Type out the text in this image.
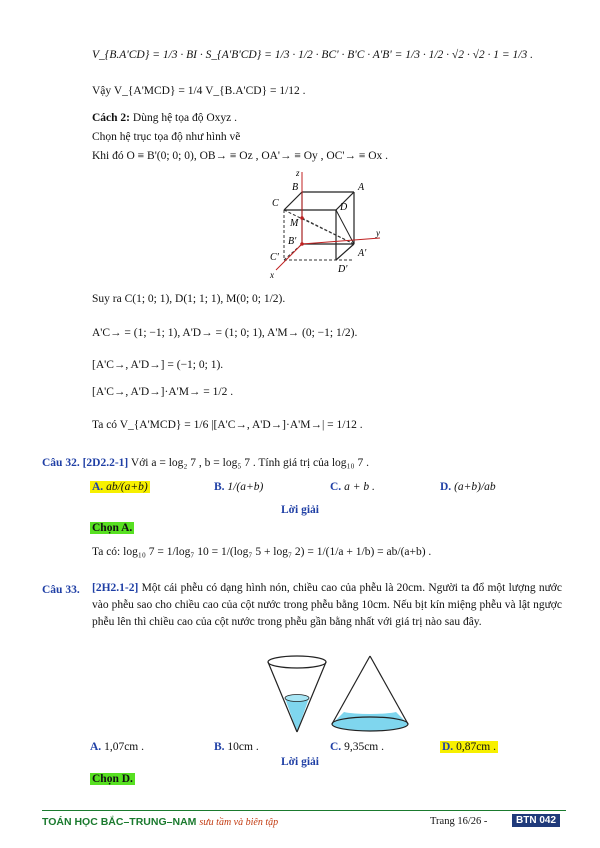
V_{B.A'CD} = 1/3 · BI · S_{A'B'CD} = 1/3 · 1/2 · BC' · B'C · A'B' = 1/3 · 1/2 · √2 · √2 · 1 = 1/3 .
Vậy V_{A'MCD} = 1/4 V_{B.A'CD} = 1/12 .
Cách 2: Dùng hệ tọa độ Oxyz .
Chọn hệ trục tọa độ như hình vẽ
Khi đó O ≡ B'(0; 0; 0), OB→ ≡ Oz , OA'→ ≡ Oy , OC'→ ≡ Ox .
z
B	A
C	D
M
B'
y
C'	A'
D'
x
Suy ra C(1; 0; 1), D(1; 1; 1), M(0; 0; 1/2).
A'C→ = (1; −1; 1), A'D→ = (1; 0; 1), A'M→ (0; −1; 1/2).
[A'C→, A'D→] = (−1; 0; 1).
[A'C→, A'D→]·A'M→ = 1/2 .
Ta có V_{A'MCD} = 1/6 |[A'C→, A'D→]·A'M→| = 1/12 .
Câu 32. [2D2.2-1] Với a = log₂ 7 , b = log₅ 7 . Tính giá trị của log₁₀ 7 .
A. ab/(a+b)	B. 1/(a+b)	C. a + b .	D. (a+b)/ab
Lời giải
Chọn A.
Ta có: log₁₀ 7 = 1/log₇ 10 = 1/(log₇ 5 + log₇ 2) = 1/(1/a + 1/b) = ab/(a+b) .
Câu 33. [2H2.1-2] Một cái phễu có dạng hình nón, chiều cao của phễu là 20cm. Người ta đổ một lượng nước vào phễu sao cho chiều cao của cột nước trong phễu bằng 10cm. Nếu bịt kín miệng phễu và lật ngược phễu lên thì chiều cao của cột nước trong phễu gần bằng nhất với giá trị nào sau đây.
A. 1,07cm .	B. 10cm .	C. 9,35cm .	D. 0,87cm .
Lời giải
Chọn D.
TOÁN HỌC BẮC–TRUNG–NAM sưu tầm và biên tập	Trang 16/26 -	BTN 042
